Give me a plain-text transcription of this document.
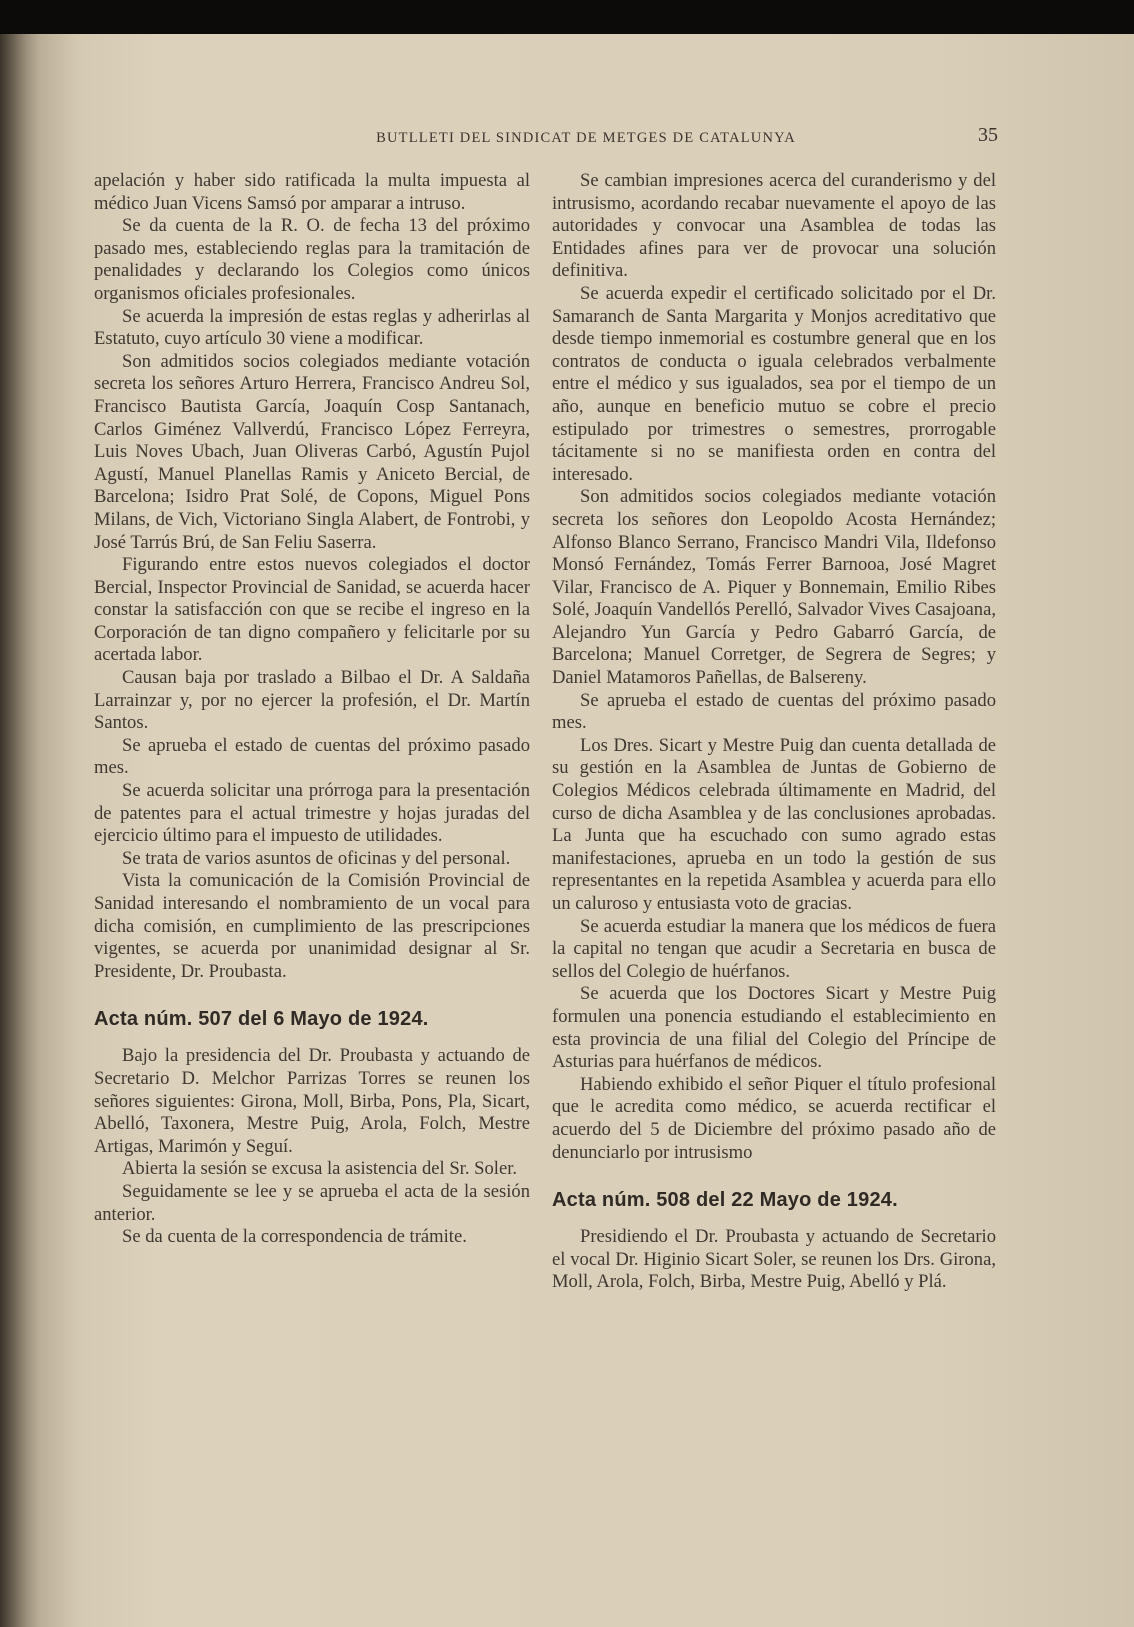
BUTLLETI DEL SINDICAT DE METGES DE CATALUNYA	35

apelación y haber sido ratificada la multa impuesta al médico Juan Vicens Samsó por amparar a intruso.

Se da cuenta de la R. O. de fecha 13 del próximo pasado mes, estableciendo reglas para la tramitación de penalidades y declarando los Colegios como únicos organismos oficiales profesionales.

Se acuerda la impresión de estas reglas y adherirlas al Estatuto, cuyo artículo 30 viene a modificar.

Son admitidos socios colegiados mediante votación secreta los señores Arturo Herrera, Francisco Andreu Sol, Francisco Bautista García, Joaquín Cosp Santanach, Carlos Giménez Vallverdú, Francisco López Ferreyra, Luis Noves Ubach, Juan Oliveras Carbó, Agustín Pujol Agustí, Manuel Planellas Ramis y Aniceto Bercial, de Barcelona; Isidro Prat Solé, de Copons, Miguel Pons Milans, de Vich, Victoriano Singla Alabert, de Fontrobi, y José Tarrús Brú, de San Feliu Saserra.

Figurando entre estos nuevos colegiados el doctor Bercial, Inspector Provincial de Sanidad, se acuerda hacer constar la satisfacción con que se recibe el ingreso en la Corporación de tan digno compañero y felicitarle por su acertada labor.

Causan baja por traslado a Bilbao el Dr. A Saldaña Larrainzar y, por no ejercer la profesión, el Dr. Martín Santos.

Se aprueba el estado de cuentas del próximo pasado mes.

Se acuerda solicitar una prórroga para la presentación de patentes para el actual trimestre y hojas juradas del ejercicio último para el impuesto de utilidades.

Se trata de varios asuntos de oficinas y del personal.

Vista la comunicación de la Comisión Provincial de Sanidad interesando el nombramiento de un vocal para dicha comisión, en cumplimiento de las prescripciones vigentes, se acuerda por unanimidad designar al Sr. Presidente, Dr. Proubasta.

Acta núm. 507 del 6 Mayo de 1924.

Bajo la presidencia del Dr. Proubasta y actuando de Secretario D. Melchor Parrizas Torres se reunen los señores siguientes: Girona, Moll, Birba, Pons, Pla, Sicart, Abelló, Taxonera, Mestre Puig, Arola, Folch, Mestre Artigas, Marimón y Seguí.

Abierta la sesión se excusa la asistencia del Sr. Soler.

Seguidamente se lee y se aprueba el acta de la sesión anterior.

Se da cuenta de la correspondencia de trámite.

Se cambian impresiones acerca del curanderismo y del intrusismo, acordando recabar nuevamente el apoyo de las autoridades y convocar una Asamblea de todas las Entidades afines para ver de provocar una solución definitiva.

Se acuerda expedir el certificado solicitado por el Dr. Samaranch de Santa Margarita y Monjos acreditativo que desde tiempo inmemorial es costumbre general que en los contratos de conducta o iguala celebrados verbalmente entre el médico y sus igualados, sea por el tiempo de un año, aunque en beneficio mutuo se cobre el precio estipulado por trimestres o semestres, prorrogable tácitamente si no se manifiesta orden en contra del interesado.

Son admitidos socios colegiados mediante votación secreta los señores don Leopoldo Acosta Hernández; Alfonso Blanco Serrano, Francisco Mandri Vila, Ildefonso Monsó Fernández, Tomás Ferrer Barnooa, José Magret Vilar, Francisco de A. Piquer y Bonnemain, Emilio Ribes Solé, Joaquín Vandellós Perelló, Salvador Vives Casajoana, Alejandro Yun García y Pedro Gabarró García, de Barcelona; Manuel Corretger, de Segrera de Segres; y Daniel Matamoros Pañellas, de Balsereny.

Se aprueba el estado de cuentas del próximo pasado mes.

Los Dres. Sicart y Mestre Puig dan cuenta detallada de su gestión en la Asamblea de Juntas de Gobierno de Colegios Médicos celebrada últimamente en Madrid, del curso de dicha Asamblea y de las conclusiones aprobadas. La Junta que ha escuchado con sumo agrado estas manifestaciones, aprueba en un todo la gestión de sus representantes en la repetida Asamblea y acuerda para ello un caluroso y entusiasta voto de gracias.

Se acuerda estudiar la manera que los médicos de fuera la capital no tengan que acudir a Secretaria en busca de sellos del Colegio de huérfanos.

Se acuerda que los Doctores Sicart y Mestre Puig formulen una ponencia estudiando el establecimiento en esta provincia de una filial del Colegio del Príncipe de Asturias para huérfanos de médicos.

Habiendo exhibido el señor Piquer el título profesional que le acredita como médico, se acuerda rectificar el acuerdo del 5 de Diciembre del próximo pasado año de denunciarlo por intrusismo

Acta núm. 508 del 22 Mayo de 1924.

Presidiendo el Dr. Proubasta y actuando de Secretario el vocal Dr. Higinio Sicart Soler, se reunen los Drs. Girona, Moll, Arola, Folch, Birba, Mestre Puig, Abelló y Plá.
